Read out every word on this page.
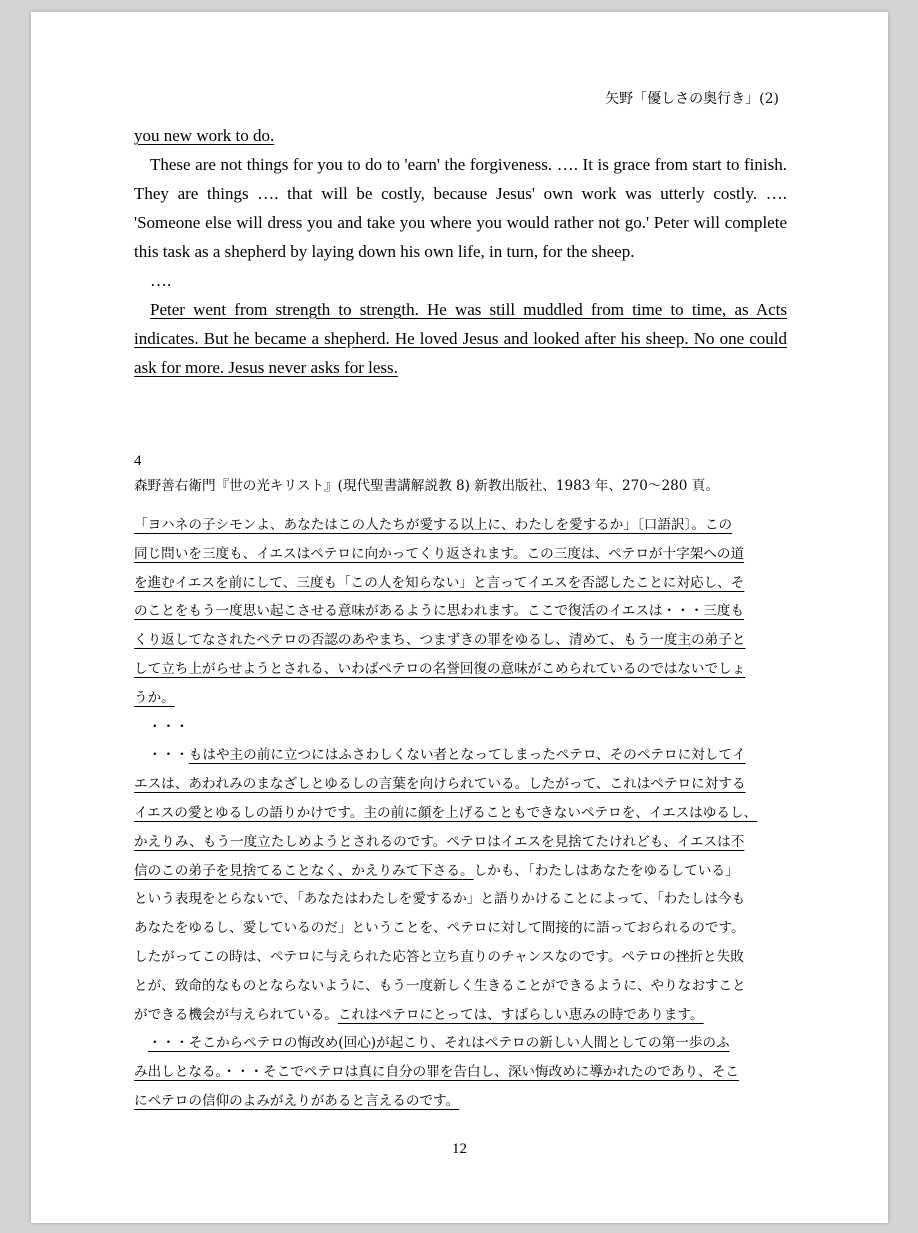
矢野「優しさの奥行き」(2)

you new work to do.

These are not things for you to do to 'earn' the forgiveness. …. It is grace from start to finish. They are things …. that will be costly, because Jesus' own work was utterly costly. …. 'Someone else will dress you and take you where you would rather not go.' Peter will complete this task as a shepherd by laying down his own life, in turn, for the sheep.

….

Peter went from strength to strength. He was still muddled from time to time, as Acts indicates. But he became a shepherd. He loved Jesus and looked after his sheep. No one could ask for more. Jesus never asks for less.

4

森野善右衛門『世の光キリスト』(現代聖書講解説教 8) 新教出版社、1983 年、270〜280 頁。

「ヨハネの子シモンよ、あなたはこの人たちが愛する以上に、わたしを愛するか」〔口語訳〕。この
同じ問いを三度も、イエスはペテロに向かってくり返されます。この三度は、ペテロが十字架への道
を進むイエスを前にして、三度も「この人を知らない」と言ってイエスを否認したことに対応し、そ
のことをもう一度思い起こさせる意味があるように思われます。ここで復活のイエスは・・・三度も
くり返してなされたペテロの否認のあやまち、つまずきの罪をゆるし、清めて、もう一度主の弟子と
して立ち上がらせようとされる、いわばペテロの名誉回復の意味がこめられているのではないでしょ
うか。
・・・
・・・もはや主の前に立つにはふさわしくない者となってしまったペテロ、そのペテロに対してイ
エスは、あわれみのまなざしとゆるしの言葉を向けられている。したがって、これはペテロに対する
イエスの愛とゆるしの語りかけです。主の前に顔を上げることもできないペテロを、イエスはゆるし、
かえりみ、もう一度立たしめようとされるのです。ペテロはイエスを見捨てたけれども、イエスは不
信のこの弟子を見捨てることなく、かえりみて下さる。しかも、「わたしはあなたをゆるしている」
という表現をとらないで、「あなたはわたしを愛するか」と語りかけることによって、「わたしは今も
あなたをゆるし、愛しているのだ」ということを、ペテロに対して間接的に語っておられるのです。
したがってこの時は、ペテロに与えられた応答と立ち直りのチャンスなのです。ペテロの挫折と失敗
とが、致命的なものとならないように、もう一度新しく生きることができるように、やりなおすこと
ができる機会が与えられている。これはペテロにとっては、すばらしい恵みの時であります。
・・・そこからペテロの悔改め(回心)が起こり、それはペテロの新しい人間としての第一歩のふ
み出しとなる。・・・そこでペテロは真に自分の罪を告白し、深い悔改めに導かれたのであり、そこ
にペテロの信仰のよみがえりがあると言えるのです。
12
